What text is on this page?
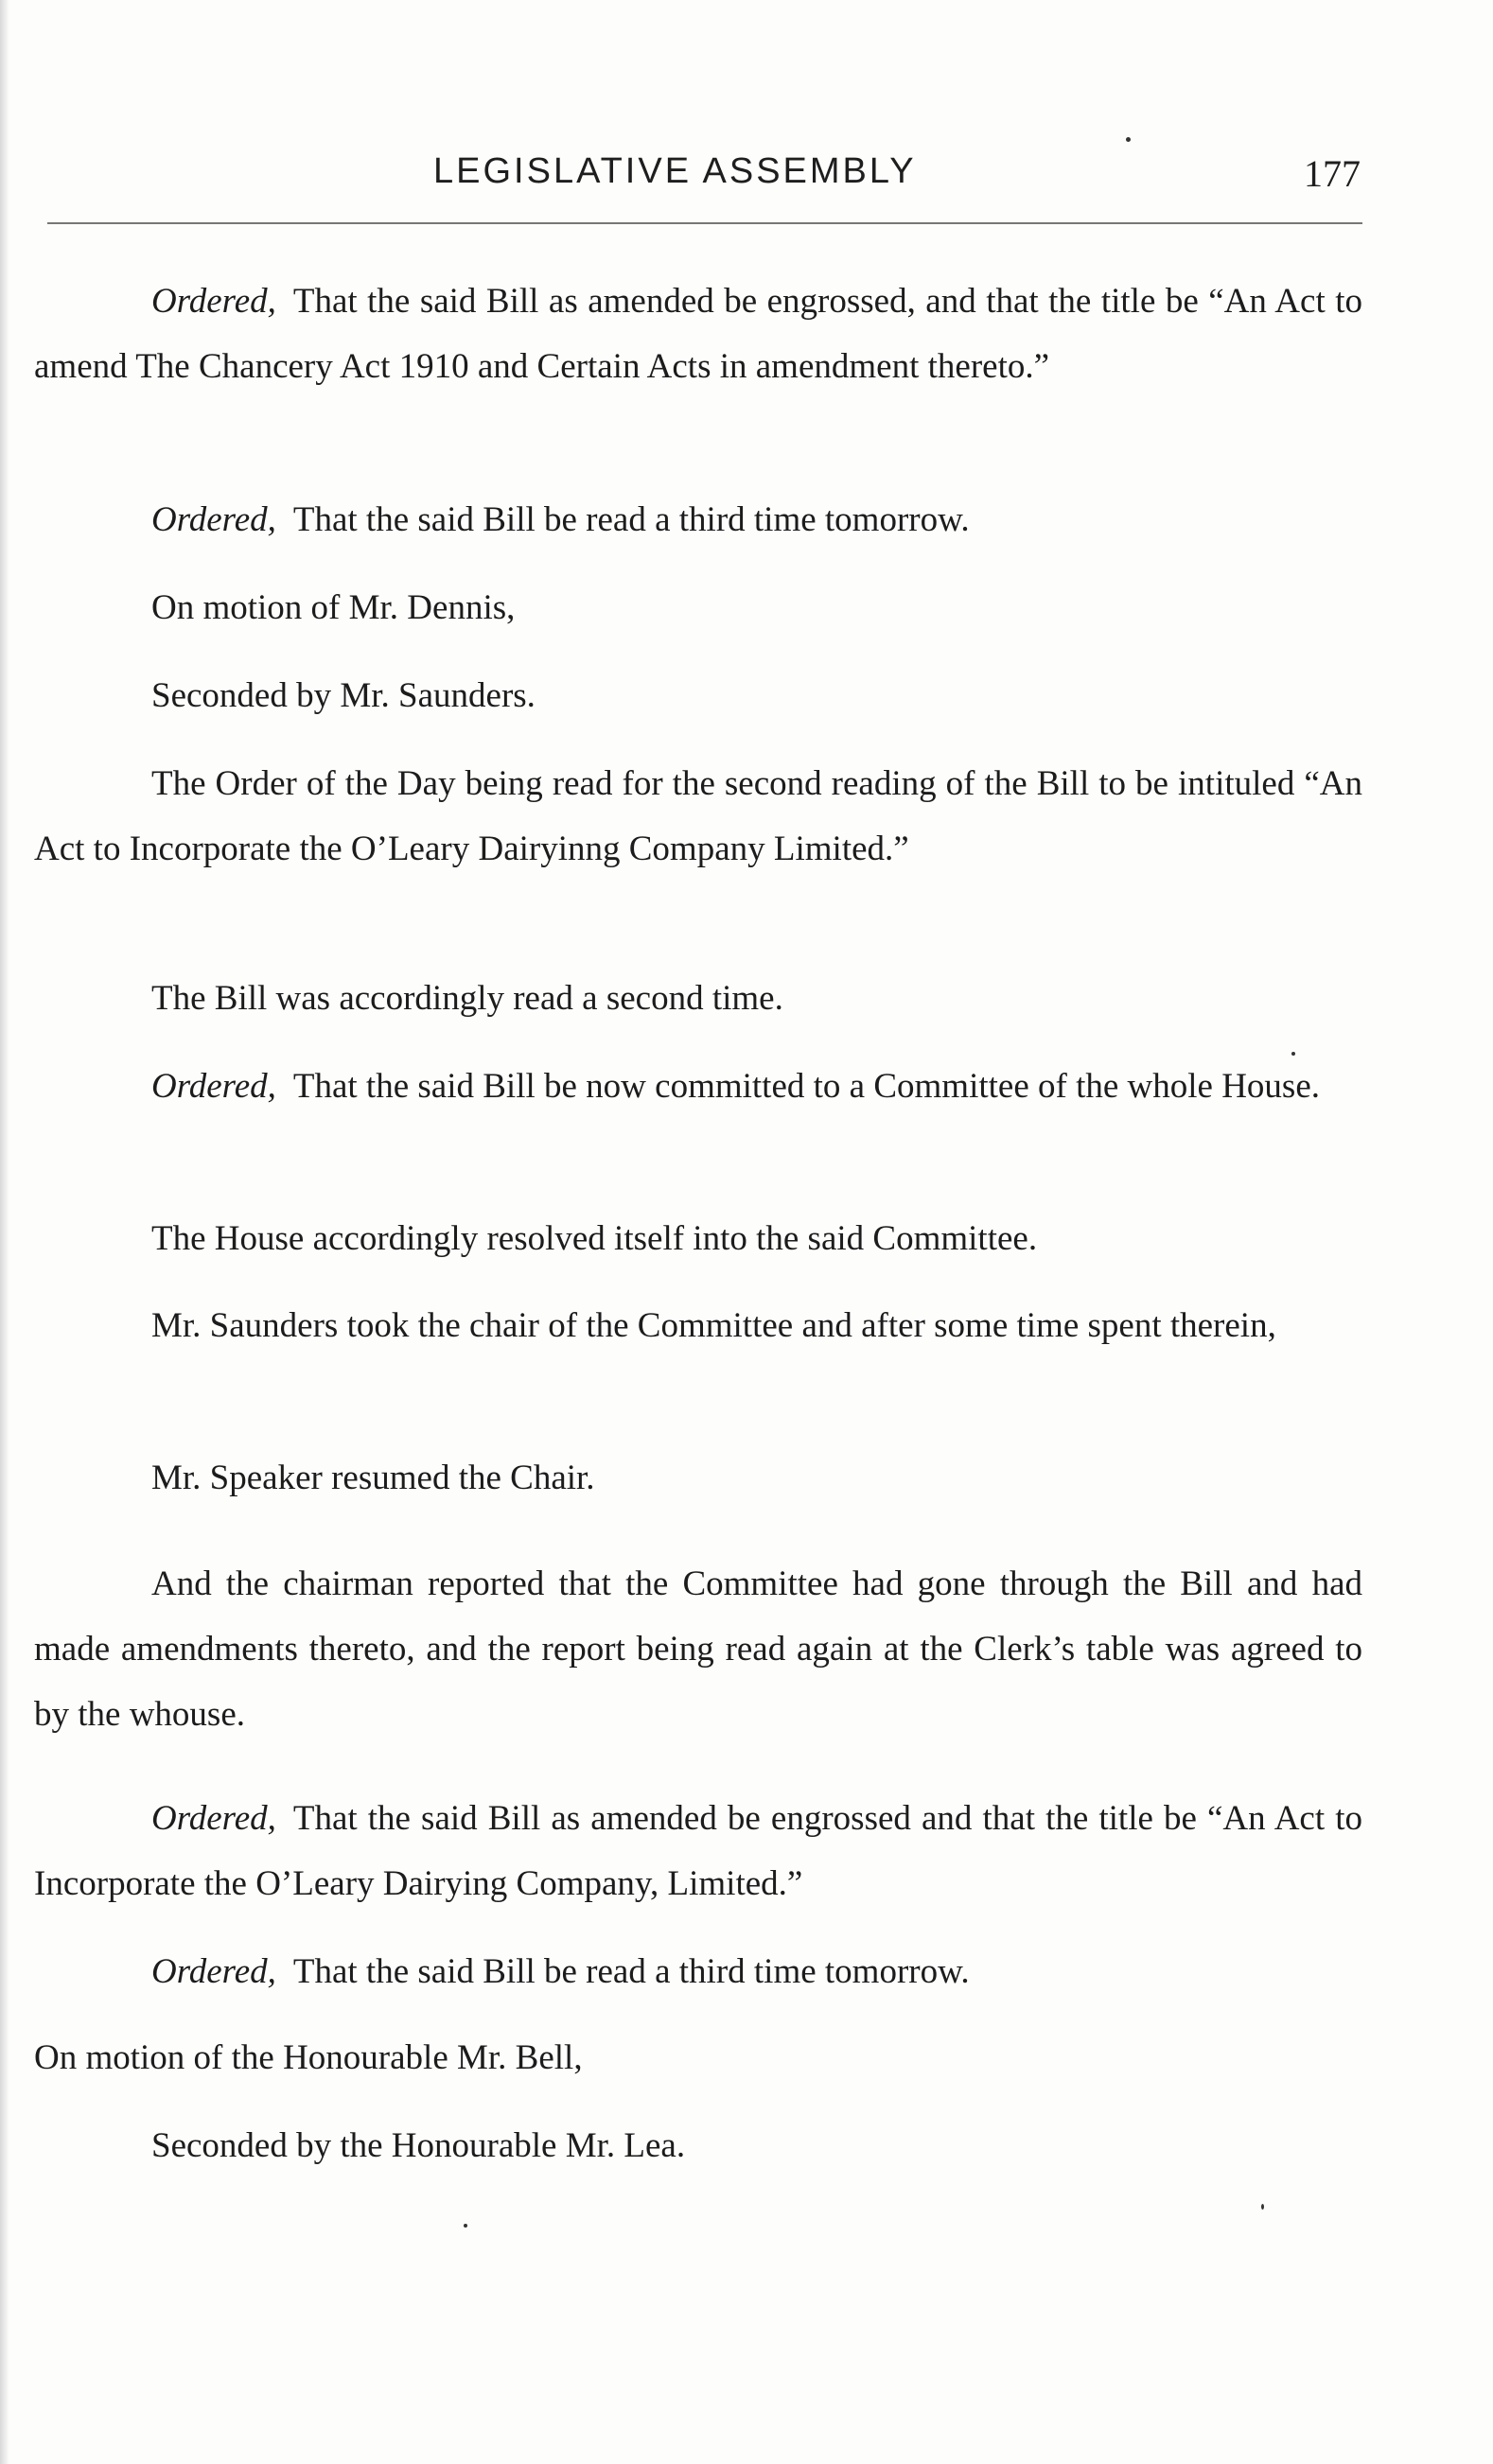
LEGISLATIVE ASSEMBLY	177

Ordered, That the said Bill as amended be engrossed, and that the title be “An Act to amend The Chancery Act 1910 and Certain Acts in amendment thereto.”

Ordered, That the said Bill be read a third time tomorrow.

On motion of Mr. Dennis,

Seconded by Mr. Saunders.

The Order of the Day being read for the second reading of the Bill to be intituled “An Act to Incorporate the O’Leary Dairyinng Company Limited.”

The Bill was accordingly read a second time.

Ordered, That the said Bill be now committed to a Committee of the whole House.

The House accordingly resolved itself into the said Committee.

Mr. Saunders took the chair of the Committee and after some time spent therein,

Mr. Speaker resumed the Chair.

And the chairman reported that the Committee had gone through the Bill and had made amendments thereto, and the report being read again at the Clerk’s table was agreed to by the whouse.

Ordered, That the said Bill as amended be engrossed and that the title be “An Act to Incorporate the O’Leary Dairying Company, Limited.”

Ordered, That the said Bill be read a third time tomorrow.

On motion of the Honourable Mr. Bell,

Seconded by the Honourable Mr. Lea.
